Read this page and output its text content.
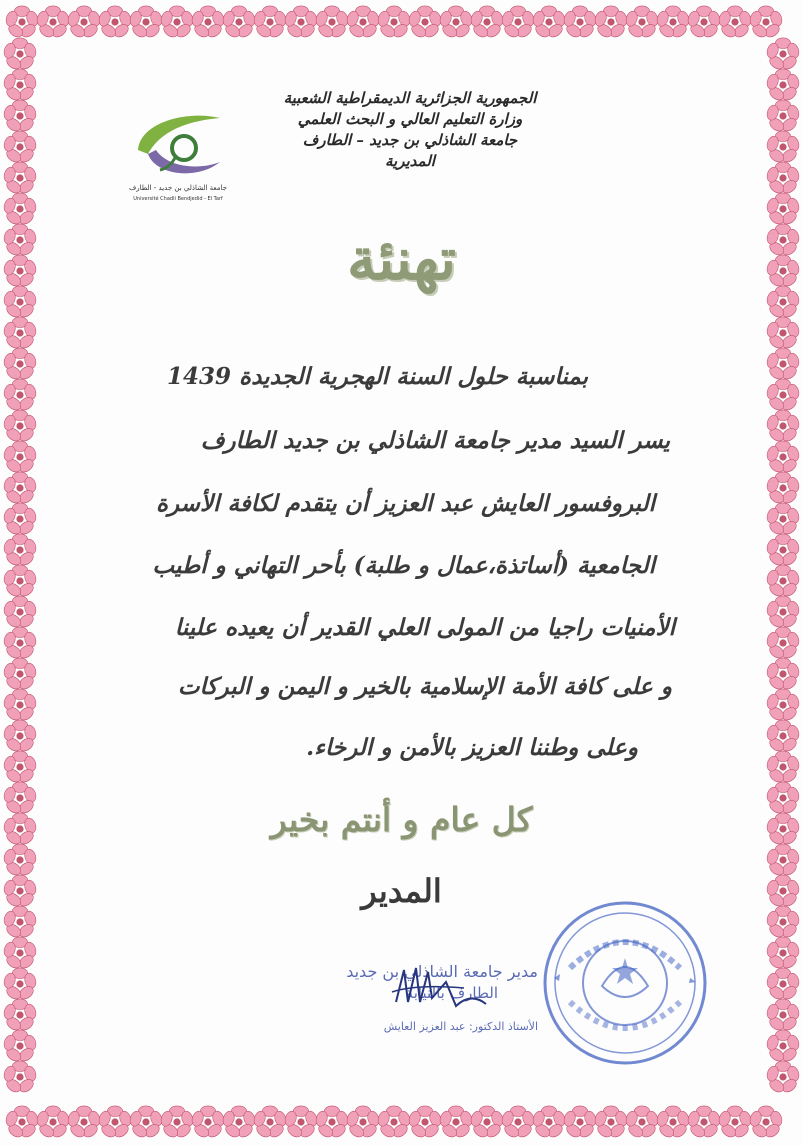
جامعة الشاذلي بن جديد - الطارف
Université Chadli Bendjedid - El Tarf
الجمهورية الجزائرية الديمقراطية الشعبية
وزارة التعليم العالي و البحث العلمي
جامعة الشاذلي بن جديد – الطارف
المديرية
تهنئة
بمناسبة حلول السنة الهجرية الجديدة 1439
يسر السيد مدير جامعة الشاذلي بن جديد الطارف
البروفسور العايش عبد العزيز أن يتقدم لكافة الأسرة
الجامعية (أساتذة،عمال و طلبة) بأحر التهاني و أطيب
الأمنيات راجيا من المولى العلي القدير أن يعيده علينا
و على كافة الأمة الإسلامية بالخير و اليمن و البركات
وعلى وطننا العزيز بالأمن و الرخاء.
كل عام و أنتم بخير
المدير
مدير جامعة الشاذلي بن جديد
الطارف بالنيابة
الأستاذ الدكتور: عبد العزيز العايش
